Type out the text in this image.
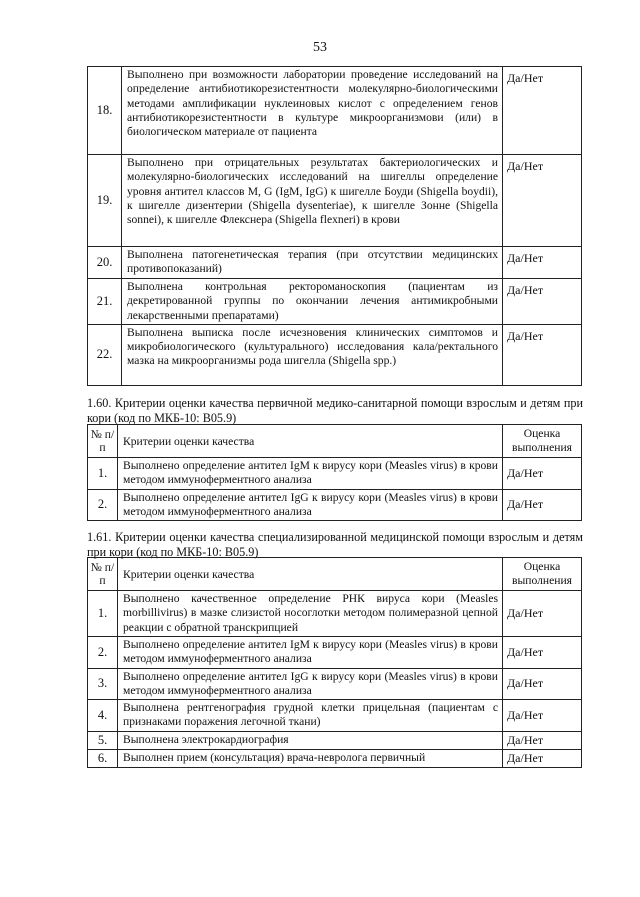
53
18.	Выполнено при возможности лаборатории проведение исследований на определение антибиотикорезистентности молекулярно-биологическими методами амплификации нуклеиновых кислот с определением генов антибиотикорезистентности в культуре микроорганизмови (или) в биологическом материале от пациента	Да/Нет
19.	Выполнено при отрицательных результатах бактериологических и молекулярно-биологических исследований на шигеллы определение уровня антител классов M, G (IgM, IgG) к шигелле Боуди (Shigella boydii), к шигелле дизентерии (Shigella dysenteriae), к шигелле Зонне (Shigella sonnei), к шигелле Флекснера (Shigella flexneri) в крови	Да/Нет
20.	Выполнена патогенетическая терапия (при отсутствии медицинских противопоказаний)	Да/Нет
21.	Выполнена контрольная ректороманоскопия (пациентам из декретированной группы по окончании лечения антимикробными лекарственными препаратами)	Да/Нет
22.	Выполнена выписка после исчезновения клинических симптомов и микробиологического (культурального) исследования кала/ректального мазка на микроорганизмы рода шигелла (Shigella spp.)	Да/Нет
1.60. Критерии оценки качества первичной медико-санитарной помощи взрослым и детям при кори (код по МКБ-10: B05.9)
№ п/п	Критерии оценки качества	Оценка выполнения
1.	Выполнено определение антител IgM к вирусу кори (Measles virus) в крови методом иммуноферментного анализа	Да/Нет
2.	Выполнено определение антител IgG к вирусу кори (Measles virus) в крови методом иммуноферментного анализа	Да/Нет
1.61. Критерии оценки качества специализированной медицинской помощи взрослым и детям при кори (код по МКБ-10: B05.9)
№ п/п	Критерии оценки качества	Оценка выполнения
1.	Выполнено качественное определение РНК вируса кори (Measles morbillivirus) в мазке слизистой носоглотки методом полимеразной цепной реакции с обратной транскрипцией	Да/Нет
2.	Выполнено определение антител IgM к вирусу кори (Measles virus) в крови методом иммуноферментного анализа	Да/Нет
3.	Выполнено определение антител IgG к вирусу кори (Measles virus) в крови методом иммуноферментного анализа	Да/Нет
4.	Выполнена рентгенография грудной клетки прицельная (пациентам с признаками поражения легочной ткани)	Да/Нет
5.	Выполнена электрокардиография	Да/Нет
6.	Выполнен прием (консультация) врача-невролога первичный	Да/Нет
